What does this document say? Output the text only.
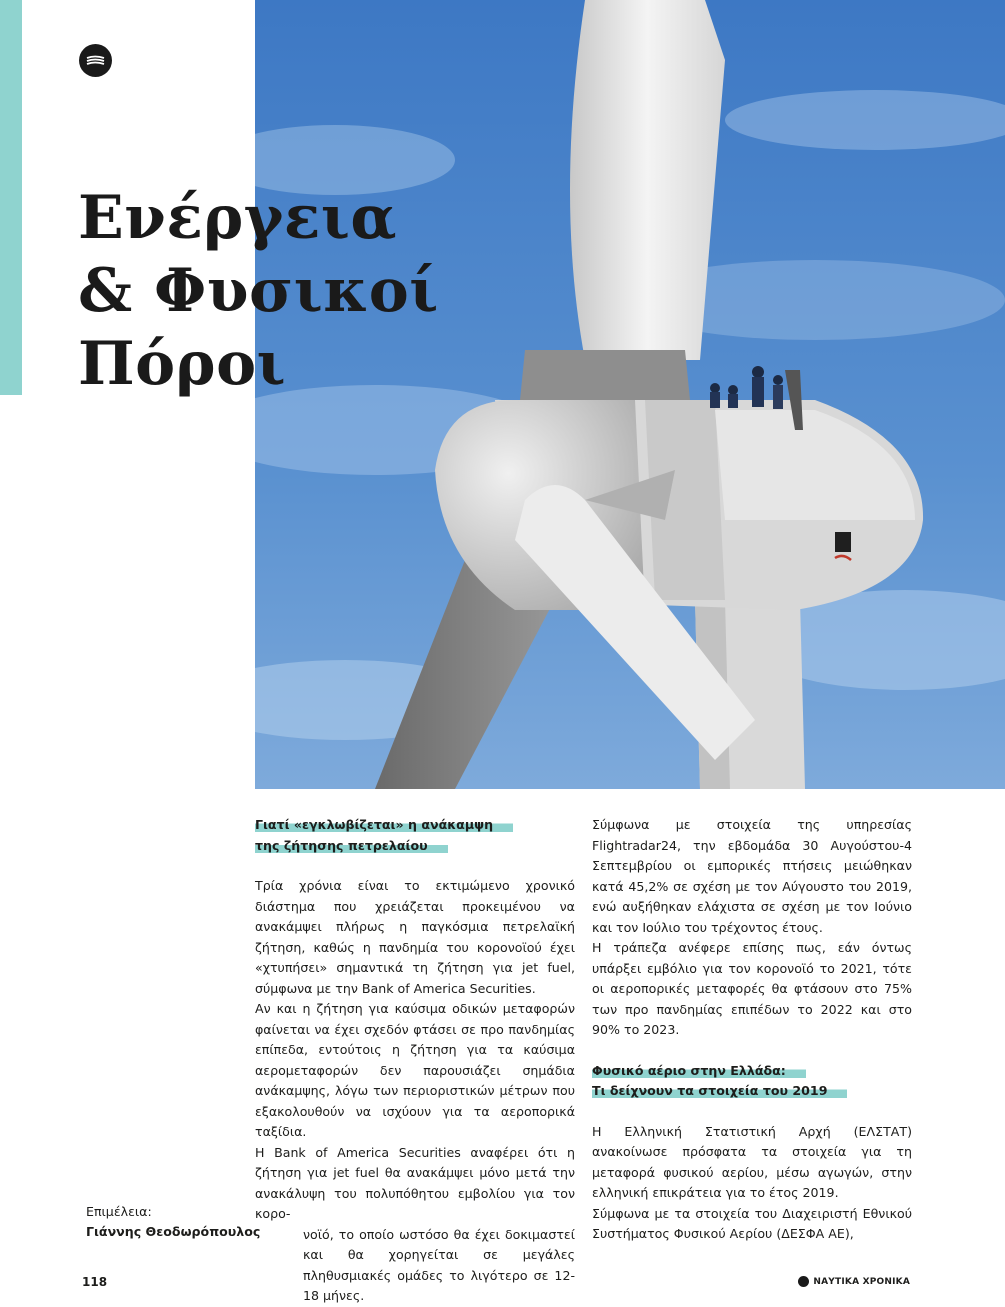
Ενέργεια
& Φυσικοί
Πόροι
Γιατί «εγκλωβίζεται» η ανάκαμψη
της ζήτησης πετρελαίου

Τρία χρόνια είναι το εκτιμώμενο χρονικό διάστημα που χρειάζεται προκειμένου να ανακάμψει πλήρως η παγκόσμια πετρελαϊκή ζήτηση, καθώς η πανδημία του κορονοϊού έχει «χτυπήσει» σημαντικά τη ζήτηση για jet fuel, σύμφωνα με την Bank of America Securities.

Αν και η ζήτηση για καύσιμα οδικών μεταφορών φαίνεται να έχει σχεδόν φτάσει σε προ πανδημίας επίπεδα, εντούτοις η ζήτηση για τα καύσιμα αερομεταφορών δεν παρουσιάζει σημάδια ανάκαμψης, λόγω των περιοριστικών μέτρων που εξακολουθούν να ισχύουν για τα αεροπορικά ταξίδια.

Η Bank of America Securities αναφέρει ότι η ζήτηση για jet fuel θα ανακάμψει μόνο μετά την ανακάλυψη του πολυπόθητου εμβολίου για τον κορο-

νοϊό, το οποίο ωστόσο θα έχει δοκιμαστεί και θα χορηγείται σε μεγάλες πληθυσμιακές ομάδες το λιγότερο σε 12-18 μήνες.

Σύμφωνα με στοιχεία της υπηρεσίας Flightradar24, την εβδομάδα 30 Αυγούστου-4 Σεπτεμβρίου οι εμπορικές πτήσεις μειώθηκαν κατά 45,2% σε σχέση με τον Αύγουστο του 2019, ενώ αυξήθηκαν ελάχιστα σε σχέση με τον Ιούνιο και τον Ιούλιο του τρέχοντος έτους.

Η τράπεζα ανέφερε επίσης πως, εάν όντως υπάρξει εμβόλιο για τον κορονοϊό το 2021, τότε οι αεροπορικές μεταφορές θα φτάσουν στο 75% των προ πανδημίας επιπέδων το 2022 και στο 90% το 2023.

Φυσικό αέριο στην Ελλάδα:
Τι δείχνουν τα στοιχεία του 2019

Η Ελληνική Στατιστική Αρχή (ΕΛΣΤΑΤ) ανακοίνωσε πρόσφατα τα στοιχεία για τη μεταφορά φυσικού αερίου, μέσω αγωγών, στην ελληνική επικράτεια για το έτος 2019.

Σύμφωνα με τα στοιχεία του Διαχειριστή Εθνικού Συστήματος Φυσικού Αερίου (ΔΕΣΦΑ ΑΕ),

Επιμέλεια:
Γιάννης Θεοδωρόπουλος
118	ΝΑΥΤΙΚΑ ΧΡΟΝΙΚΑ
